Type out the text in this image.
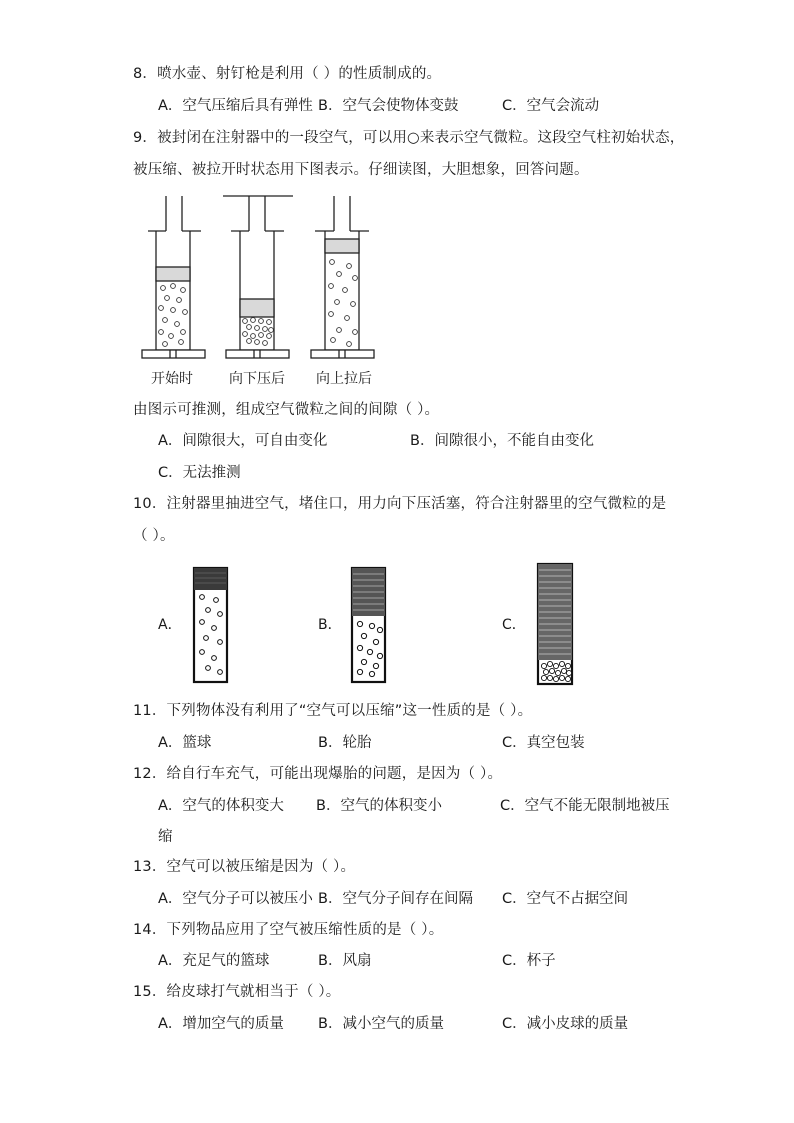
8．喷水壶、射钉枪是利用（ ）的性质制成的。
A．空气压缩后具有弹性 B．空气会使物体变鼓	C．空气会流动
9．被封闭在注射器中的一段空气，可以用○来表示空气微粒。这段空气柱初始状态，
被压缩、被拉开时状态用下图表示。仔细读图，大胆想象，回答问题。
开始时	向下压后 向上拉后
由图示可推测，组成空气微粒之间的间隙（ ）。
A．间隙很大，可自由变化	B．间隙很小，不能自由变化
C．无法推测
10．注射器里抽进空气，堵住口，用力向下压活塞，符合注射器里的空气微粒的是
（ ）。
A．	B．	C．
11．下列物体没有利用了“空气可以压缩”这一性质的是（ ）。
A．篮球	B．轮胎	C．真空包装
12．给自行车充气，可能出现爆胎的问题，是因为（ ）。
A．空气的体积变大 B．空气的体积变小	C．空气不能无限制地被压
缩
13．空气可以被压缩是因为（ ）。
A．空气分子可以被压小 B．空气分子间存在间隔 C．空气不占据空间
14．下列物品应用了空气被压缩性质的是（ ）。
A．充足气的篮球	B．风扇	C．杯子
15．给皮球打气就相当于（ ）。
A．增加空气的质量 B．减小空气的质量	C．减小皮球的质量
